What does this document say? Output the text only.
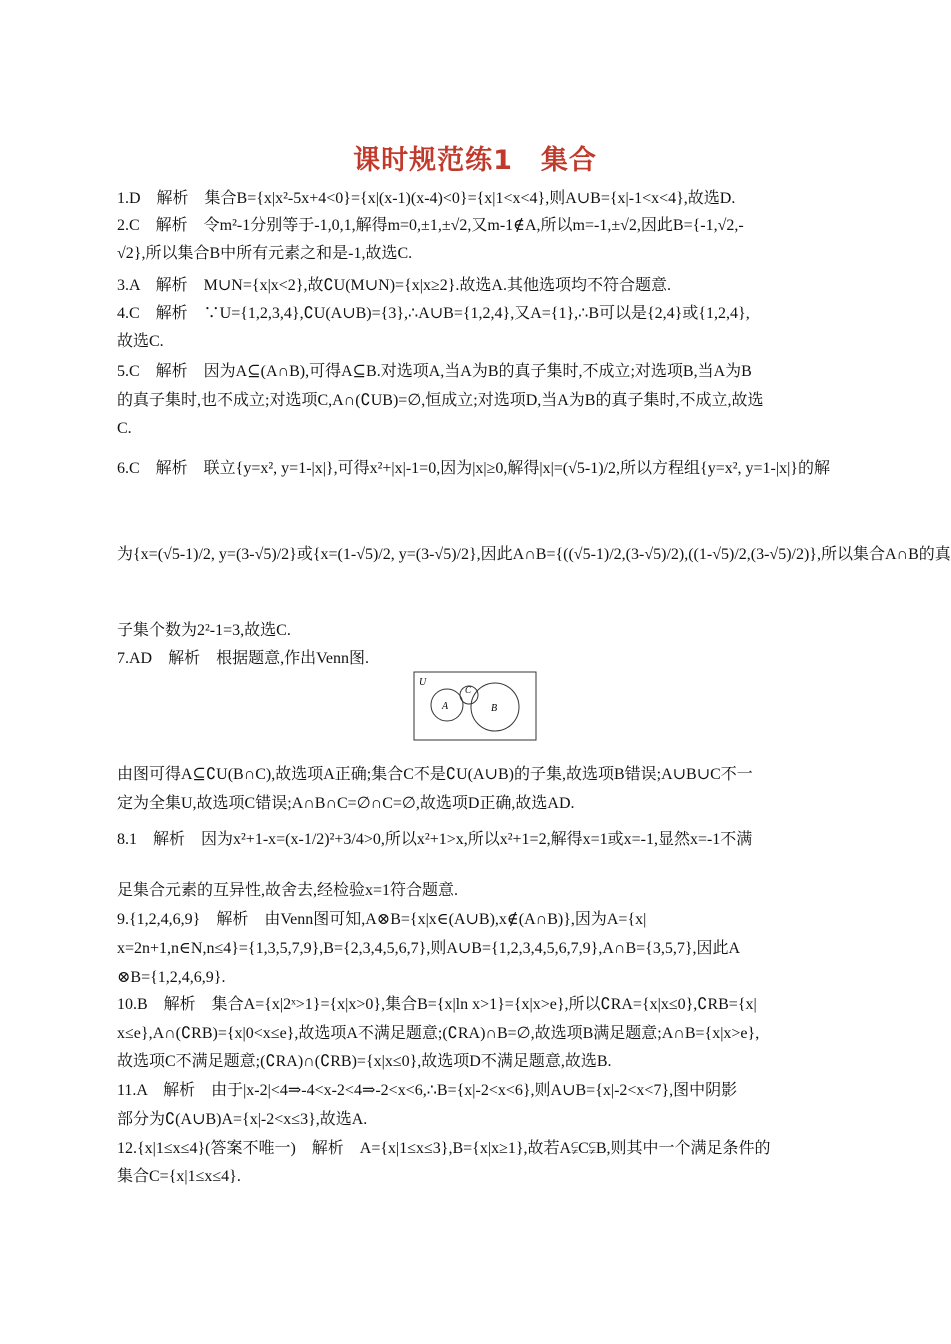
课时规范练1　集合
1.D　解析　集合B={x|x²-5x+4<0}={x|(x-1)(x-4)<0}={x|1<x<4},则A∪B={x|-1<x<4},故选D.
2.C　解析　令m²-1分别等于-1,0,1,解得m=0,±1,±√2,又m-1∉A,所以m=-1,±√2,因此B={-1,√2,-
√2},所以集合B中所有元素之和是-1,故选C.
3.A　解析　M∪N={x|x<2},故∁U(M∪N)={x|x≥2}.故选A.其他选项均不符合题意.
4.C　解析　∵U={1,2,3,4},∁U(A∪B)={3},∴A∪B={1,2,4},又A={1},∴B可以是{2,4}或{1,2,4},
故选C.
5.C　解析　因为A⊆(A∩B),可得A⊆B.对选项A,当A为B的真子集时,不成立;对选项B,当A为B
的真子集时,也不成立;对选项C,A∩(∁UB)=∅,恒成立;对选项D,当A为B的真子集时,不成立,故选
C.
6.C　解析　联立{y=x², y=1-|x|},可得x²+|x|-1=0,因为|x|≥0,解得|x|=(√5-1)/2,所以方程组{y=x², y=1-|x|}的解
为{x=(√5-1)/2, y=(3-√5)/2}或{x=(1-√5)/2, y=(3-√5)/2},因此A∩B={((√5-1)/2,(3-√5)/2),((1-√5)/2,(3-√5)/2)},所以集合A∩B的真
子集个数为2²-1=3,故选C.
7.AD　解析　根据题意,作出Venn图.
U
A
C
B
由图可得A⊆∁U(B∩C),故选项A正确;集合C不是∁U(A∪B)的子集,故选项B错误;A∪B∪C不一
定为全集U,故选项C错误;A∩B∩C=∅∩C=∅,故选项D正确,故选AD.
8.1　解析　因为x²+1-x=(x-1/2)²+3/4>0,所以x²+1>x,所以x²+1=2,解得x=1或x=-1,显然x=-1不满
足集合元素的互异性,故舍去,经检验x=1符合题意.
9.{1,2,4,6,9}　解析　由Venn图可知,A⊗B={x|x∈(A∪B),x∉(A∩B)},因为A={x|
x=2n+1,n∈N,n≤4}={1,3,5,7,9},B={2,3,4,5,6,7},则A∪B={1,2,3,4,5,6,7,9},A∩B={3,5,7},因此A
⊗B={1,2,4,6,9}.
10.B　解析　集合A={x|2ˣ>1}={x|x>0},集合B={x|ln x>1}={x|x>e},所以∁RA={x|x≤0},∁RB={x|
x≤e},A∩(∁RB)={x|0<x≤e},故选项A不满足题意;(∁RA)∩B=∅,故选项B满足题意;A∩B={x|x>e},
故选项C不满足题意;(∁RA)∩(∁RB)={x|x≤0},故选项D不满足题意,故选B.
11.A　解析　由于|x-2|<4⇒-4<x-2<4⇒-2<x<6,∴B={x|-2<x<6},则A∪B={x|-2<x<7},图中阴影
部分为∁(A∪B)A={x|-2<x≤3},故选A.
12.{x|1≤x≤4}(答案不唯一)　解析　A={x|1≤x≤3},B={x|x≥1},故若A⫋C⫋B,则其中一个满足条件的
集合C={x|1≤x≤4}.
